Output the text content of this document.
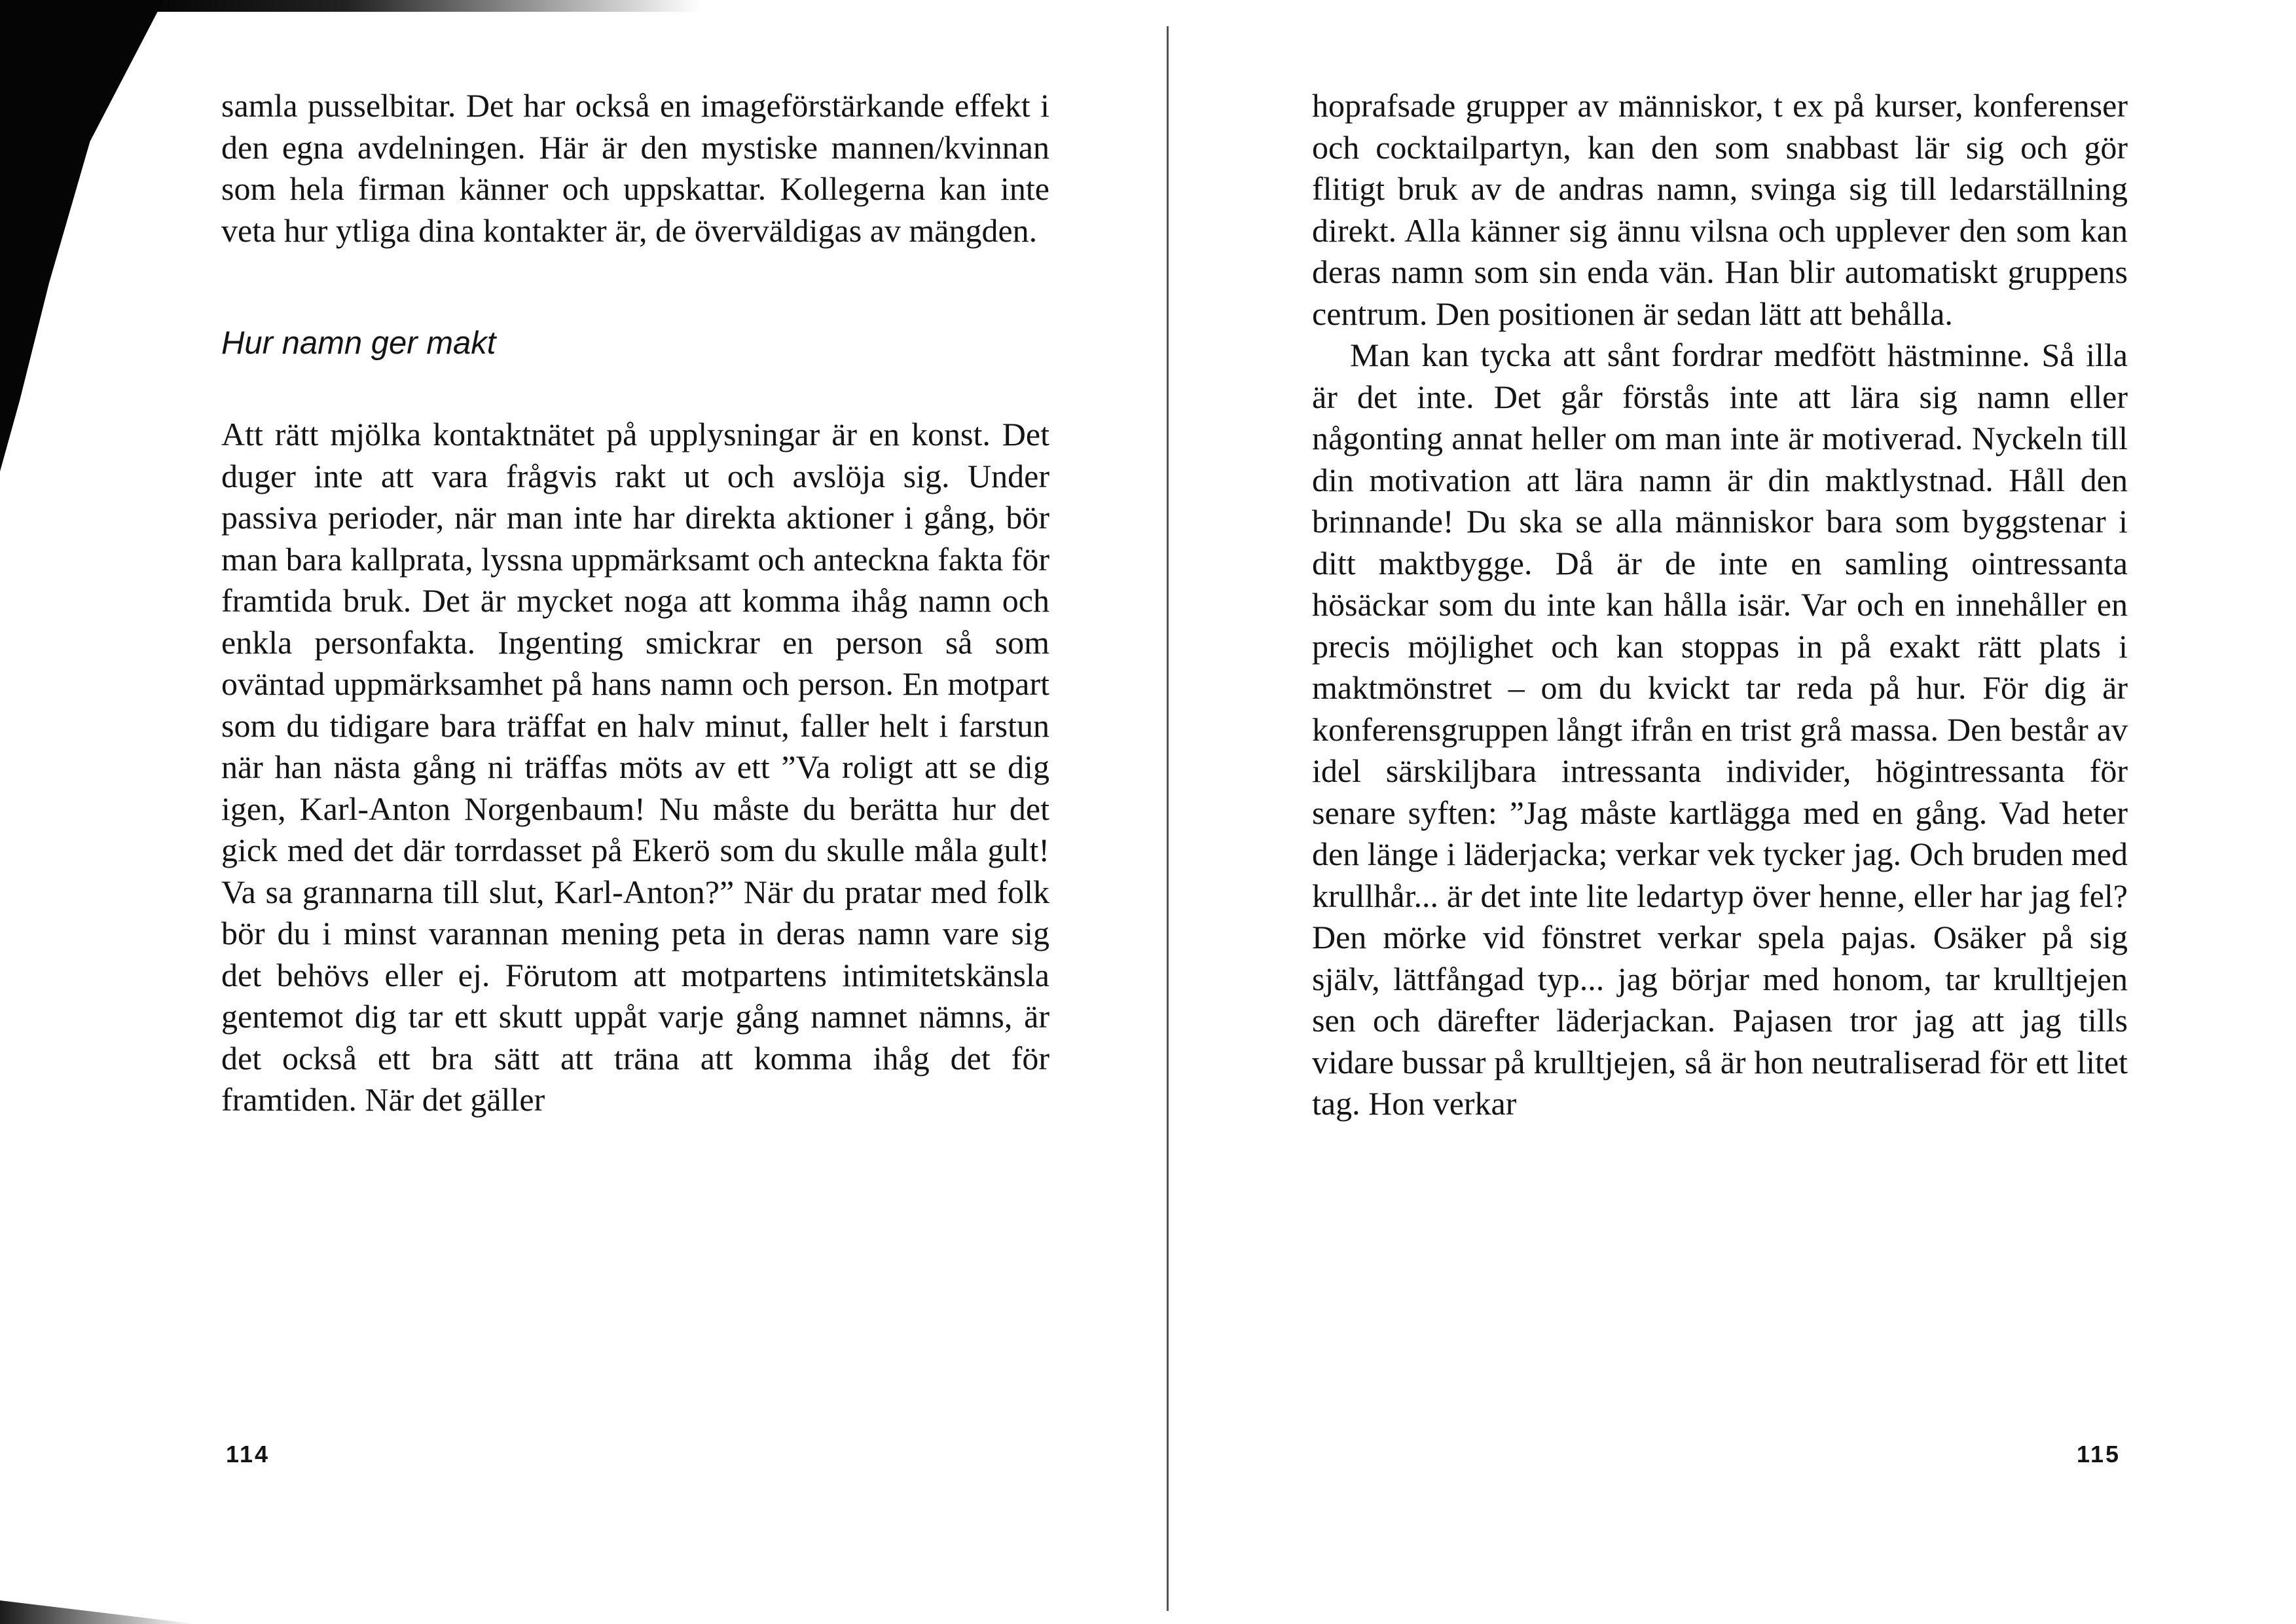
samla pusselbitar. Det har också en imageförstärkande effekt i den egna avdelningen. Här är den mystiske mannen/kvinnan som hela firman känner och uppskattar. Kollegerna kan inte veta hur ytliga dina kontakter är, de överväldigas av mängden.

Hur namn ger makt

Att rätt mjölka kontaktnätet på upplysningar är en konst. Det duger inte att vara frågvis rakt ut och avslöja sig. Under passiva perioder, när man inte har direkta aktioner i gång, bör man bara kallprata, lyssna uppmärksamt och anteckna fakta för framtida bruk. Det är mycket noga att komma ihåg namn och enkla personfakta. Ingenting smickrar en person så som oväntad uppmärksamhet på hans namn och person. En motpart som du tidigare bara träffat en halv minut, faller helt i farstun när han nästa gång ni träffas möts av ett ”Va roligt att se dig igen, Karl-Anton Norgenbaum! Nu måste du berätta hur det gick med det där torrdasset på Ekerö som du skulle måla gult! Va sa grannarna till slut, Karl-Anton?” När du pratar med folk bör du i minst varannan mening peta in deras namn vare sig det behövs eller ej. Förutom att motpartens intimitetskänsla gentemot dig tar ett skutt uppåt varje gång namnet nämns, är det också ett bra sätt att träna att komma ihåg det för framtiden. När det gäller

114

hoprafsade grupper av människor, t ex på kurser, konferenser och cocktailpartyn, kan den som snabbast lär sig och gör flitigt bruk av de andras namn, svinga sig till ledarställning direkt. Alla känner sig ännu vilsna och upplever den som kan deras namn som sin enda vän. Han blir automatiskt gruppens centrum. Den positionen är sedan lätt att behålla.

Man kan tycka att sånt fordrar medfött hästminne. Så illa är det inte. Det går förstås inte att lära sig namn eller någonting annat heller om man inte är motiverad. Nyckeln till din motivation att lära namn är din maktlystnad. Håll den brinnande! Du ska se alla människor bara som byggstenar i ditt maktbygge. Då är de inte en samling ointressanta hösäckar som du inte kan hålla isär. Var och en innehåller en precis möjlighet och kan stoppas in på exakt rätt plats i maktmönstret – om du kvickt tar reda på hur. För dig är konferensgruppen långt ifrån en trist grå massa. Den består av idel särskiljbara intressanta individer, högintressanta för senare syften: ”Jag måste kartlägga med en gång. Vad heter den länge i läderjacka; verkar vek tycker jag. Och bruden med krullhår... är det inte lite ledartyp över henne, eller har jag fel? Den mörke vid fönstret verkar spela pajas. Osäker på sig själv, lättfångad typ... jag börjar med honom, tar krulltjejen sen och därefter läderjackan. Pajasen tror jag att jag tills vidare bussar på krulltjejen, så är hon neutraliserad för ett litet tag. Hon verkar

115
